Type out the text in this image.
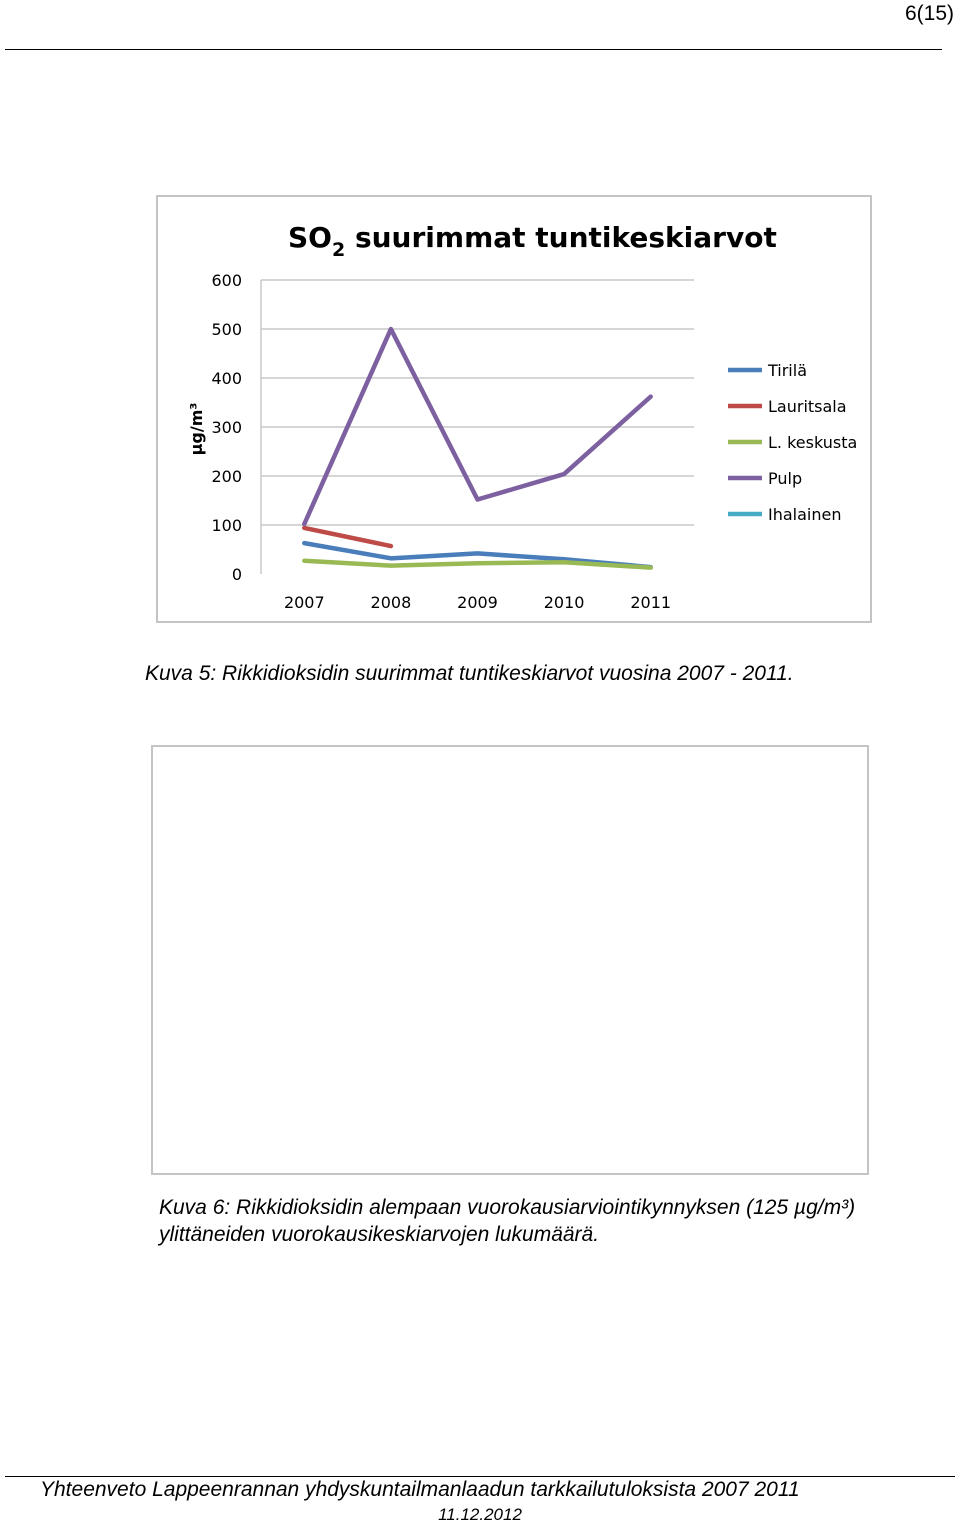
6(15)
$SO_2$ suurimmat tuntikeskiarvot
µg/m³
0
100
200
300
400
500
600
2007	2008	2009	2010	2011
Tirilä
Lauritsala
L. keskusta
Pulp
Ihalainen
Kuva 5: Rikkidioksidin suurimmat tuntikeskiarvot vuosina 2007 - 2011.
Kuva 6: Rikkidioksidin alempaan vuorokausiarviointikynnyksen (125 µg/m³)
ylittäneiden vuorokausikeskiarvojen lukumäärä.
Yhteenveto Lappeenrannan yhdyskuntailmanlaadun tarkkailutuloksista 2007 2011
11.12.2012
